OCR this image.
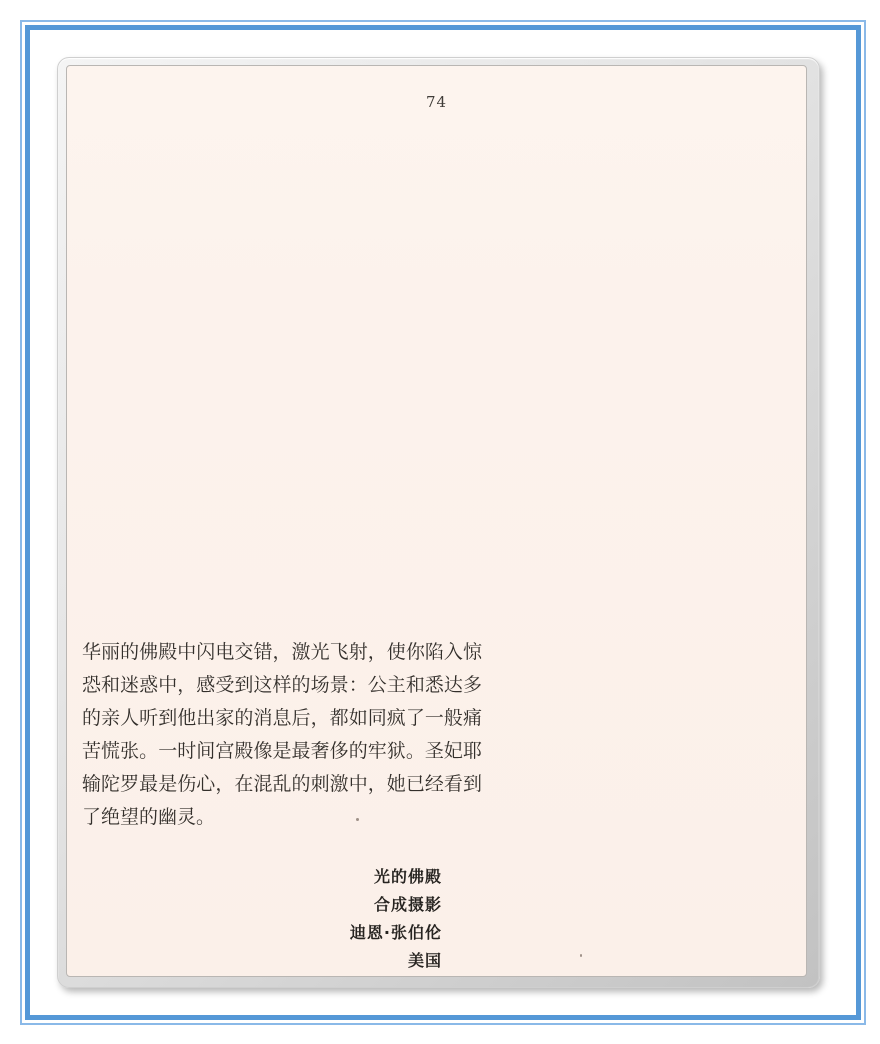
74
华丽的佛殿中闪电交错，激光飞射，使你陷入惊
恐和迷惑中，感受到这样的场景：公主和悉达多
的亲人听到他出家的消息后，都如同疯了一般痛
苦慌张。一时间宫殿像是最奢侈的牢狱。圣妃耶
输陀罗最是伤心，在混乱的刺激中，她已经看到
了绝望的幽灵。
光的佛殿
合成摄影
迪恩·张伯伦
美国
